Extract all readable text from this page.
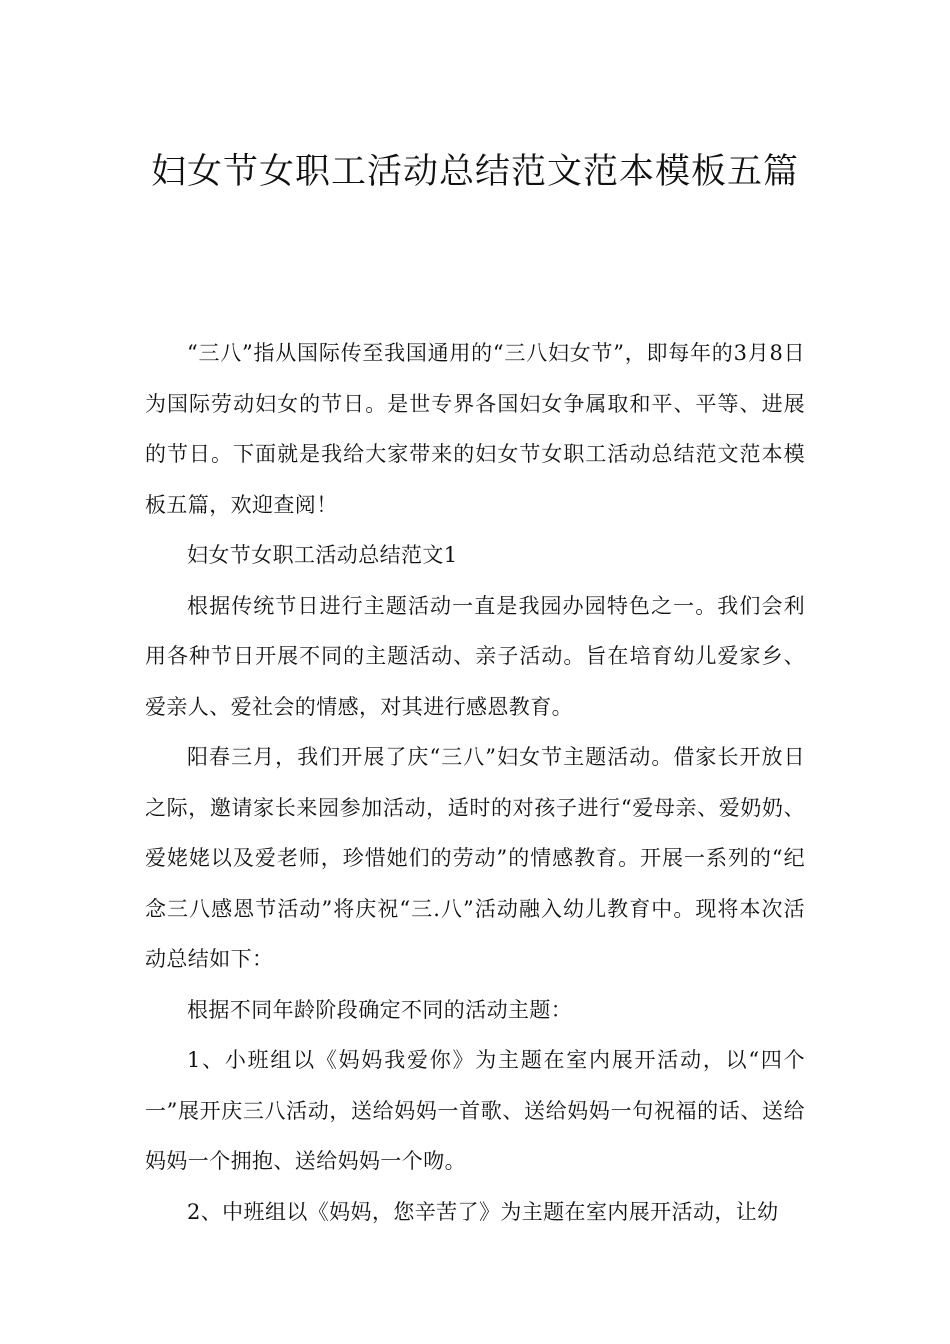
妇女节女职工活动总结范文范本模板五篇

“三八”指从国际传至我国通用的“三八妇女节”，即每年的3月8日为国际劳动妇女的节日。是世专界各国妇女争属取和平、平等、进展的节日。下面就是我给大家带来的妇女节女职工活动总结范文范本模板五篇，欢迎查阅！

妇女节女职工活动总结范文1

根据传统节日进行主题活动一直是我园办园特色之一。我们会利用各种节日开展不同的主题活动、亲子活动。旨在培育幼儿爱家乡、爱亲人、爱社会的情感，对其进行感恩教育。

阳春三月，我们开展了庆“三八”妇女节主题活动。借家长开放日之际，邀请家长来园参加活动，适时的对孩子进行“爱母亲、爱奶奶、爱姥姥以及爱老师，珍惜她们的劳动”的情感教育。开展一系列的“纪念三八感恩节活动”将庆祝“三.八”活动融入幼儿教育中。现将本次活动总结如下：

根据不同年龄阶段确定不同的活动主题：

1、小班组以《妈妈我爱你》为主题在室内展开活动，以“四个一”展开庆三八活动，送给妈妈一首歌、送给妈妈一句祝福的话、送给妈妈一个拥抱、送给妈妈一个吻。

2、中班组以《妈妈，您辛苦了》为主题在室内展开活动，让幼
